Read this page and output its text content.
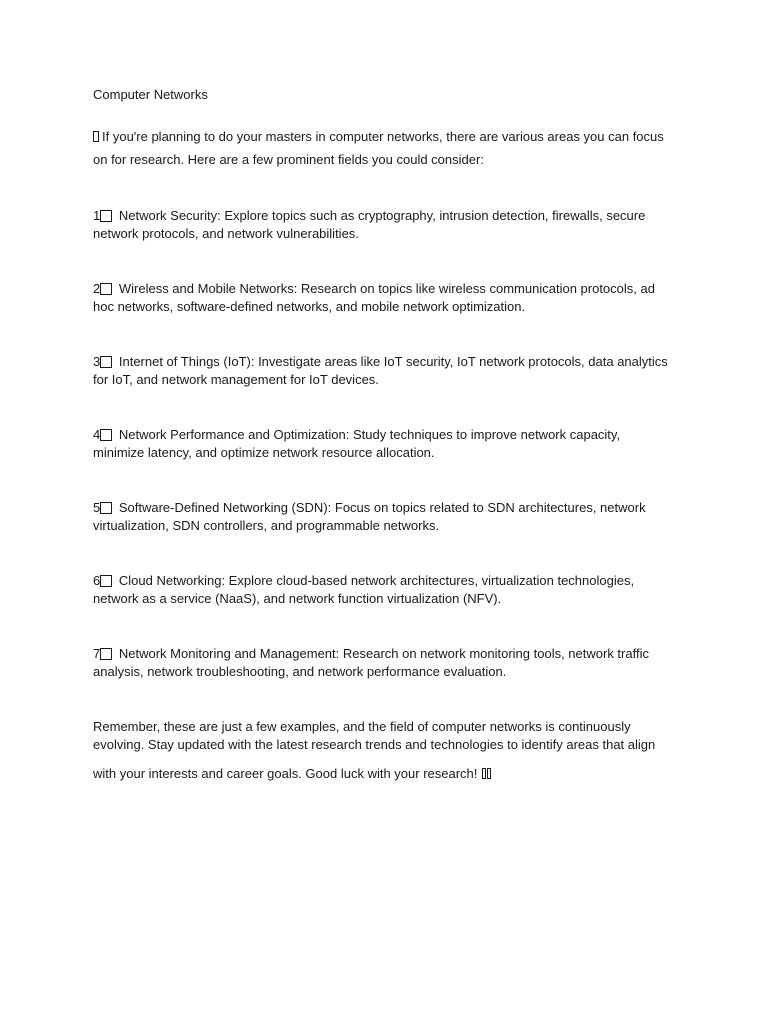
Computer Networks

If you're planning to do your masters in computer networks, there are various areas you can focus
on for research. Here are a few prominent fields you could consider:

1 Network Security: Explore topics such as cryptography, intrusion detection, firewalls, secure network protocols, and network vulnerabilities.
2 Wireless and Mobile Networks: Research on topics like wireless communication protocols, ad hoc networks, software-defined networks, and mobile network optimization.
3 Internet of Things (IoT): Investigate areas like IoT security, IoT network protocols, data analytics for IoT, and network management for IoT devices.
4 Network Performance and Optimization: Study techniques to improve network capacity, minimize latency, and optimize network resource allocation.
5 Software-Defined Networking (SDN): Focus on topics related to SDN architectures, network virtualization, SDN controllers, and programmable networks.
6 Cloud Networking: Explore cloud-based network architectures, virtualization technologies, network as a service (NaaS), and network function virtualization (NFV).
7 Network Monitoring and Management: Research on network monitoring tools, network traffic analysis, network troubleshooting, and network performance evaluation.

Remember, these are just a few examples, and the field of computer networks is continuously evolving. Stay updated with the latest research trends and technologies to identify areas that align
with your interests and career goals. Good luck with your research!
